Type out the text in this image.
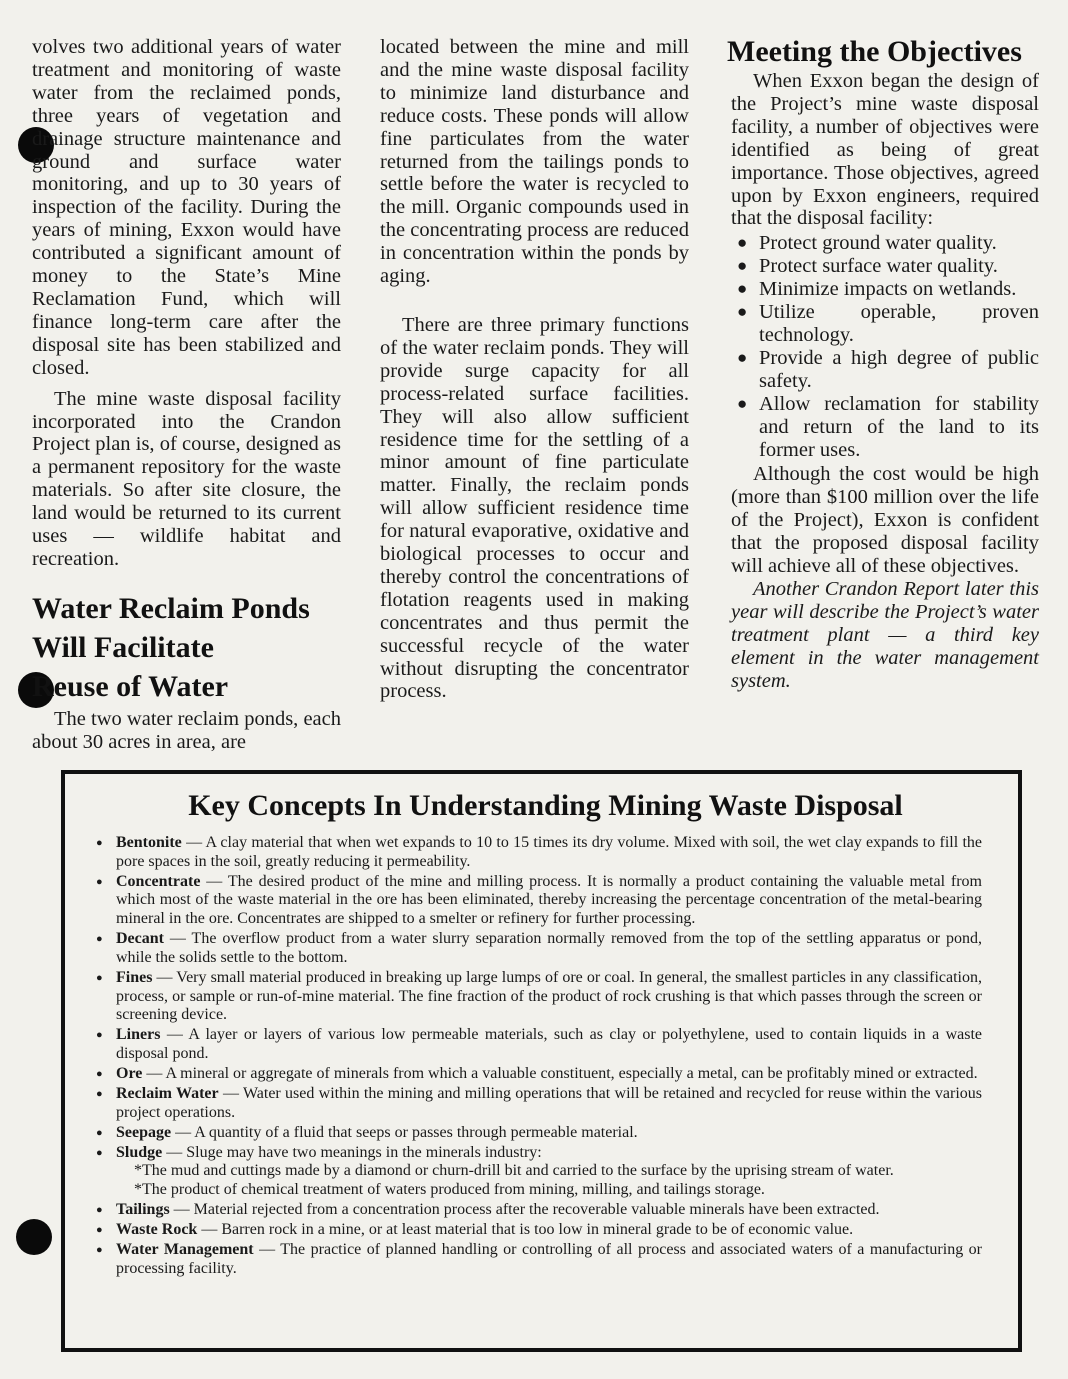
volves two additional years of water treatment and monitoring of waste water from the reclaimed ponds, three years of vegetation and drainage structure maintenance and ground and surface water monitoring, and up to 30 years of inspection of the facility. During the years of mining, Exxon would have contributed a significant amount of money to the State’s Mine Reclamation Fund, which will finance long-term care after the disposal site has been stabilized and closed.

The mine waste disposal facility incorporated into the Crandon Project plan is, of course, designed as a permanent repository for the waste materials. So after site closure, the land would be returned to its current uses — wildlife habitat and recreation.

Water Reclaim Ponds
Will Facilitate
Reuse of Water

The two water reclaim ponds, each about 30 acres in area, are

located between the mine and mill and the mine waste disposal facility to minimize land disturbance and reduce costs. These ponds will allow fine particulates from the water returned from the tailings ponds to settle before the water is recycled to the mill. Organic compounds used in the concentrating process are reduced in concentration within the ponds by aging.

There are three primary functions of the water reclaim ponds. They will provide surge capacity for all process-related surface facilities. They will also allow sufficient residence time for the settling of a minor amount of fine particulate matter. Finally, the reclaim ponds will allow sufficient residence time for natural evaporative, oxidative and biological processes to occur and thereby control the concentrations of flotation reagents used in making concentrates and thus permit the successful recycle of the water without disrupting the concentrator process.

Meeting the Objectives

When Exxon began the design of the Project’s mine waste disposal facility, a number of objectives were identified as being of great importance. Those objectives, agreed upon by Exxon engineers, required that the disposal facility:

● Protect ground water quality.
● Protect surface water quality.
● Minimize impacts on wetlands.
● Utilize operable, proven technology.
● Provide a high degree of public safety.
● Allow reclamation for stability and return of the land to its former uses.

Although the cost would be high (more than $100 million over the life of the Project), Exxon is confident that the proposed disposal facility will achieve all of these objectives.

Another Crandon Report later this year will describe the Project’s water treatment plant — a third key element in the water management system.

Key Concepts In Understanding Mining Waste Disposal
● Bentonite — A clay material that when wet expands to 10 to 15 times its dry volume. Mixed with soil, the wet clay expands to fill the pore spaces in the soil, greatly reducing it permeability.
● Concentrate — The desired product of the mine and milling process. It is normally a product containing the valuable metal from which most of the waste material in the ore has been eliminated, thereby increasing the percentage concentration of the metal-bearing mineral in the ore. Concentrates are shipped to a smelter or refinery for further processing.
● Decant — The overflow product from a water slurry separation normally removed from the top of the settling apparatus or pond, while the solids settle to the bottom.
● Fines — Very small material produced in breaking up large lumps of ore or coal. In general, the smallest particles in any classification, process, or sample or run-of-mine material. The fine fraction of the product of rock crushing is that which passes through the screen or screening device.
● Liners — A layer or layers of various low permeable materials, such as clay or polyethylene, used to contain liquids in a waste disposal pond.
● Ore — A mineral or aggregate of minerals from which a valuable constituent, especially a metal, can be profitably mined or extracted.
● Reclaim Water — Water used within the mining and milling operations that will be retained and recycled for reuse within the various project operations.
● Seepage — A quantity of a fluid that seeps or passes through permeable material.
● Sludge — Sluge may have two meanings in the minerals industry:
*The mud and cuttings made by a diamond or churn-drill bit and carried to the surface by the uprising stream of water.
*The product of chemical treatment of waters produced from mining, milling, and tailings storage.
● Tailings — Material rejected from a concentration process after the recoverable valuable minerals have been extracted.
● Waste Rock — Barren rock in a mine, or at least material that is too low in mineral grade to be of economic value.
● Water Management — The practice of planned handling or controlling of all process and associated waters of a manufacturing or processing facility.
